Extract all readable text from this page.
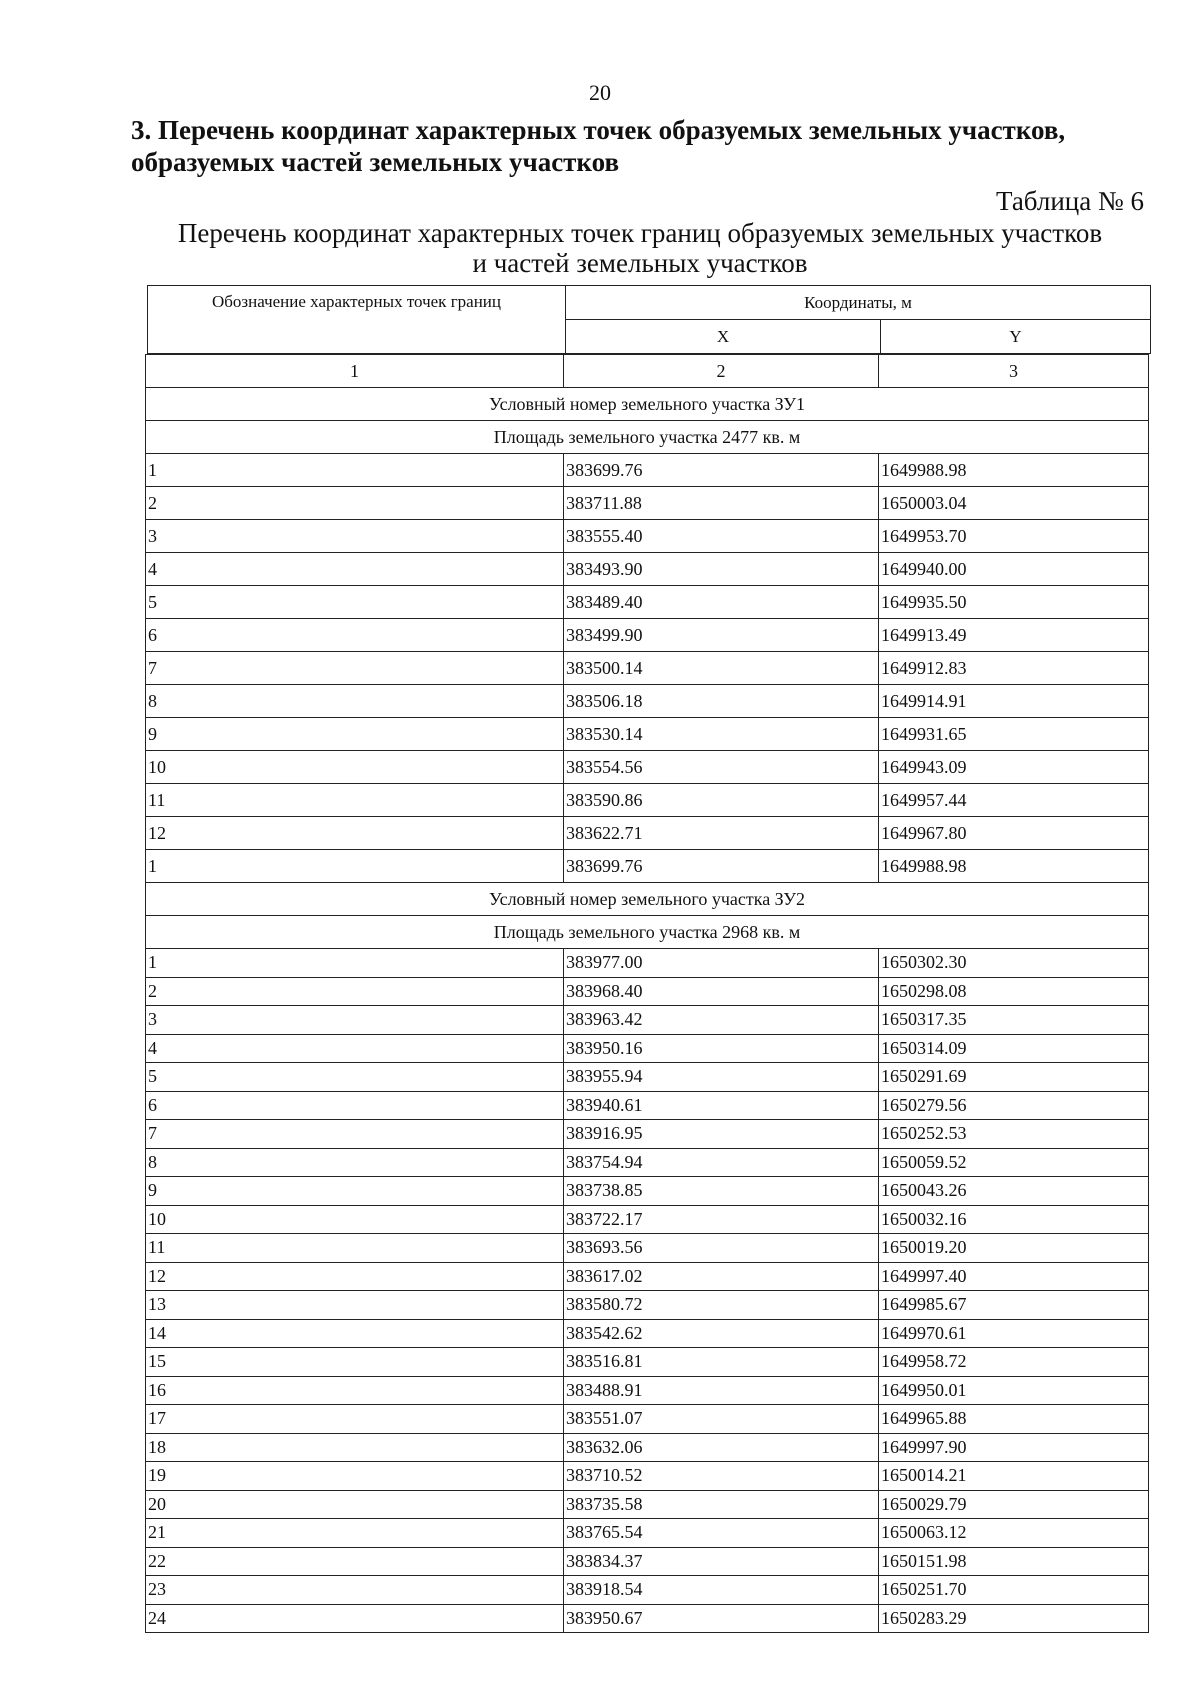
20
3. Перечень координат характерных точек образуемых земельных участков, образуемых частей земельных участков
Таблица № 6
Перечень координат характерных точек границ образуемых земельных участков
и частей земельных участков
Обозначение характерных точек границ	Координаты, м	
	X	Y
1	2	3
Условный номер земельного участка ЗУ1		
Площадь земельного участка 2477 кв. м		
1	383699.76	1649988.98
2	383711.88	1650003.04
3	383555.40	1649953.70
4	383493.90	1649940.00
5	383489.40	1649935.50
6	383499.90	1649913.49
7	383500.14	1649912.83
8	383506.18	1649914.91
9	383530.14	1649931.65
10	383554.56	1649943.09
11	383590.86	1649957.44
12	383622.71	1649967.80
1	383699.76	1649988.98
Условный номер земельного участка ЗУ2		
Площадь земельного участка 2968 кв. м		
1	383977.00	1650302.30
2	383968.40	1650298.08
3	383963.42	1650317.35
4	383950.16	1650314.09
5	383955.94	1650291.69
6	383940.61	1650279.56
7	383916.95	1650252.53
8	383754.94	1650059.52
9	383738.85	1650043.26
10	383722.17	1650032.16
11	383693.56	1650019.20
12	383617.02	1649997.40
13	383580.72	1649985.67
14	383542.62	1649970.61
15	383516.81	1649958.72
16	383488.91	1649950.01
17	383551.07	1649965.88
18	383632.06	1649997.90
19	383710.52	1650014.21
20	383735.58	1650029.79
21	383765.54	1650063.12
22	383834.37	1650151.98
23	383918.54	1650251.70
24	383950.67	1650283.29
